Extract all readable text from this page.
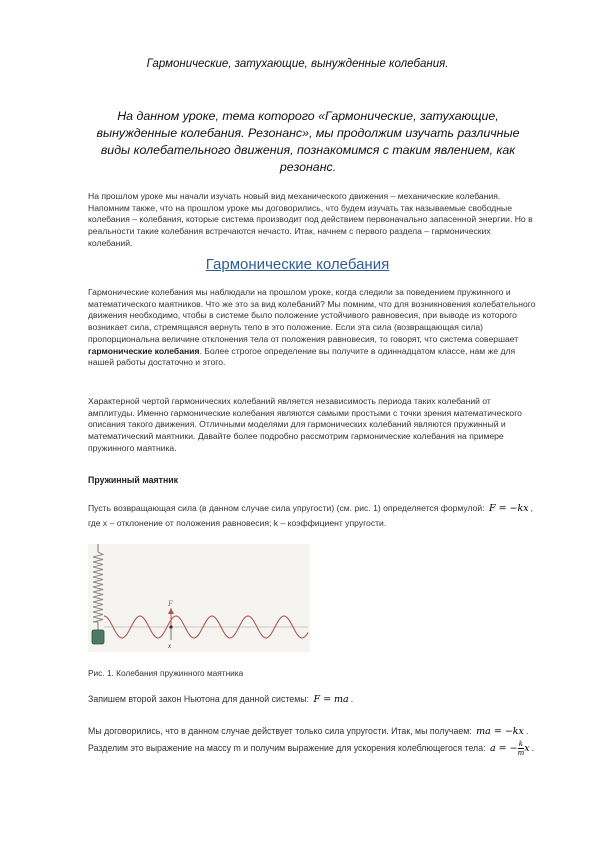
Гармонические, затухающие, вынужденные колебания.
На данном уроке, тема которого «Гармонические, затухающие, вынужденные колебания. Резонанс», мы продолжим изучать различные виды колебательного движения, познакомимся с таким явлением, как резонанс.
На прошлом уроке мы начали изучать новый вид механического движения – механические колебания. Напомним также, что на прошлом уроке мы договорились, что будем изучать так называемые свободные колебания – колебания, которые система производит под действием первоначально запасенной энергии. Но в реальности такие колебания встречаются нечасто. Итак, начнем с первого раздела – гармонических колебаний.
Гармонические колебания
Гармонические колебания мы наблюдали на прошлом уроке, когда следили за поведением пружинного и математического маятников. Что же это за вид колебаний? Мы помним, что для возникновения колебательного движения необходимо, чтобы в системе было положение устойчивого равновесия, при выводе из которого возникает сила, стремящаяся вернуть тело в это положение. Если эта сила (возвращающая сила) пропорциональна величине отклонения тела от положения равновесия, то говорят, что система совершает гармонические колебания. Более строгое определение вы получите в одиннадцатом классе, нам же для нашей работы достаточно и этого.
Характерной чертой гармонических колебаний является независимость периода таких колебаний от амплитуды. Именно гармонические колебания являются самыми простыми с точки зрения математического описания такого движения. Отличными моделями для гармонических колебаний являются пружинный и математический маятники. Давайте более подробно рассмотрим гармонические колебания на примере пружинного маятника.
Пружинный маятник
Пусть возвращающая сила (в данном случае сила упругости) (см. рис. 1) определяется формулой: F = −kx , где x – отклонение от положения равновесия; k – коэффициент упругости.
F
x
Рис. 1. Колебания пружинного маятника
Запишем второй закон Ньютона для данной системы: F = ma .
Мы договорились, что в данном случае действует только сила упругости. Итак, мы получаем: ma = −kx . Разделим это выражение на массу m и получим выражение для ускорения колеблющегося тела: a = − $\frac{k}{m}$ x .
